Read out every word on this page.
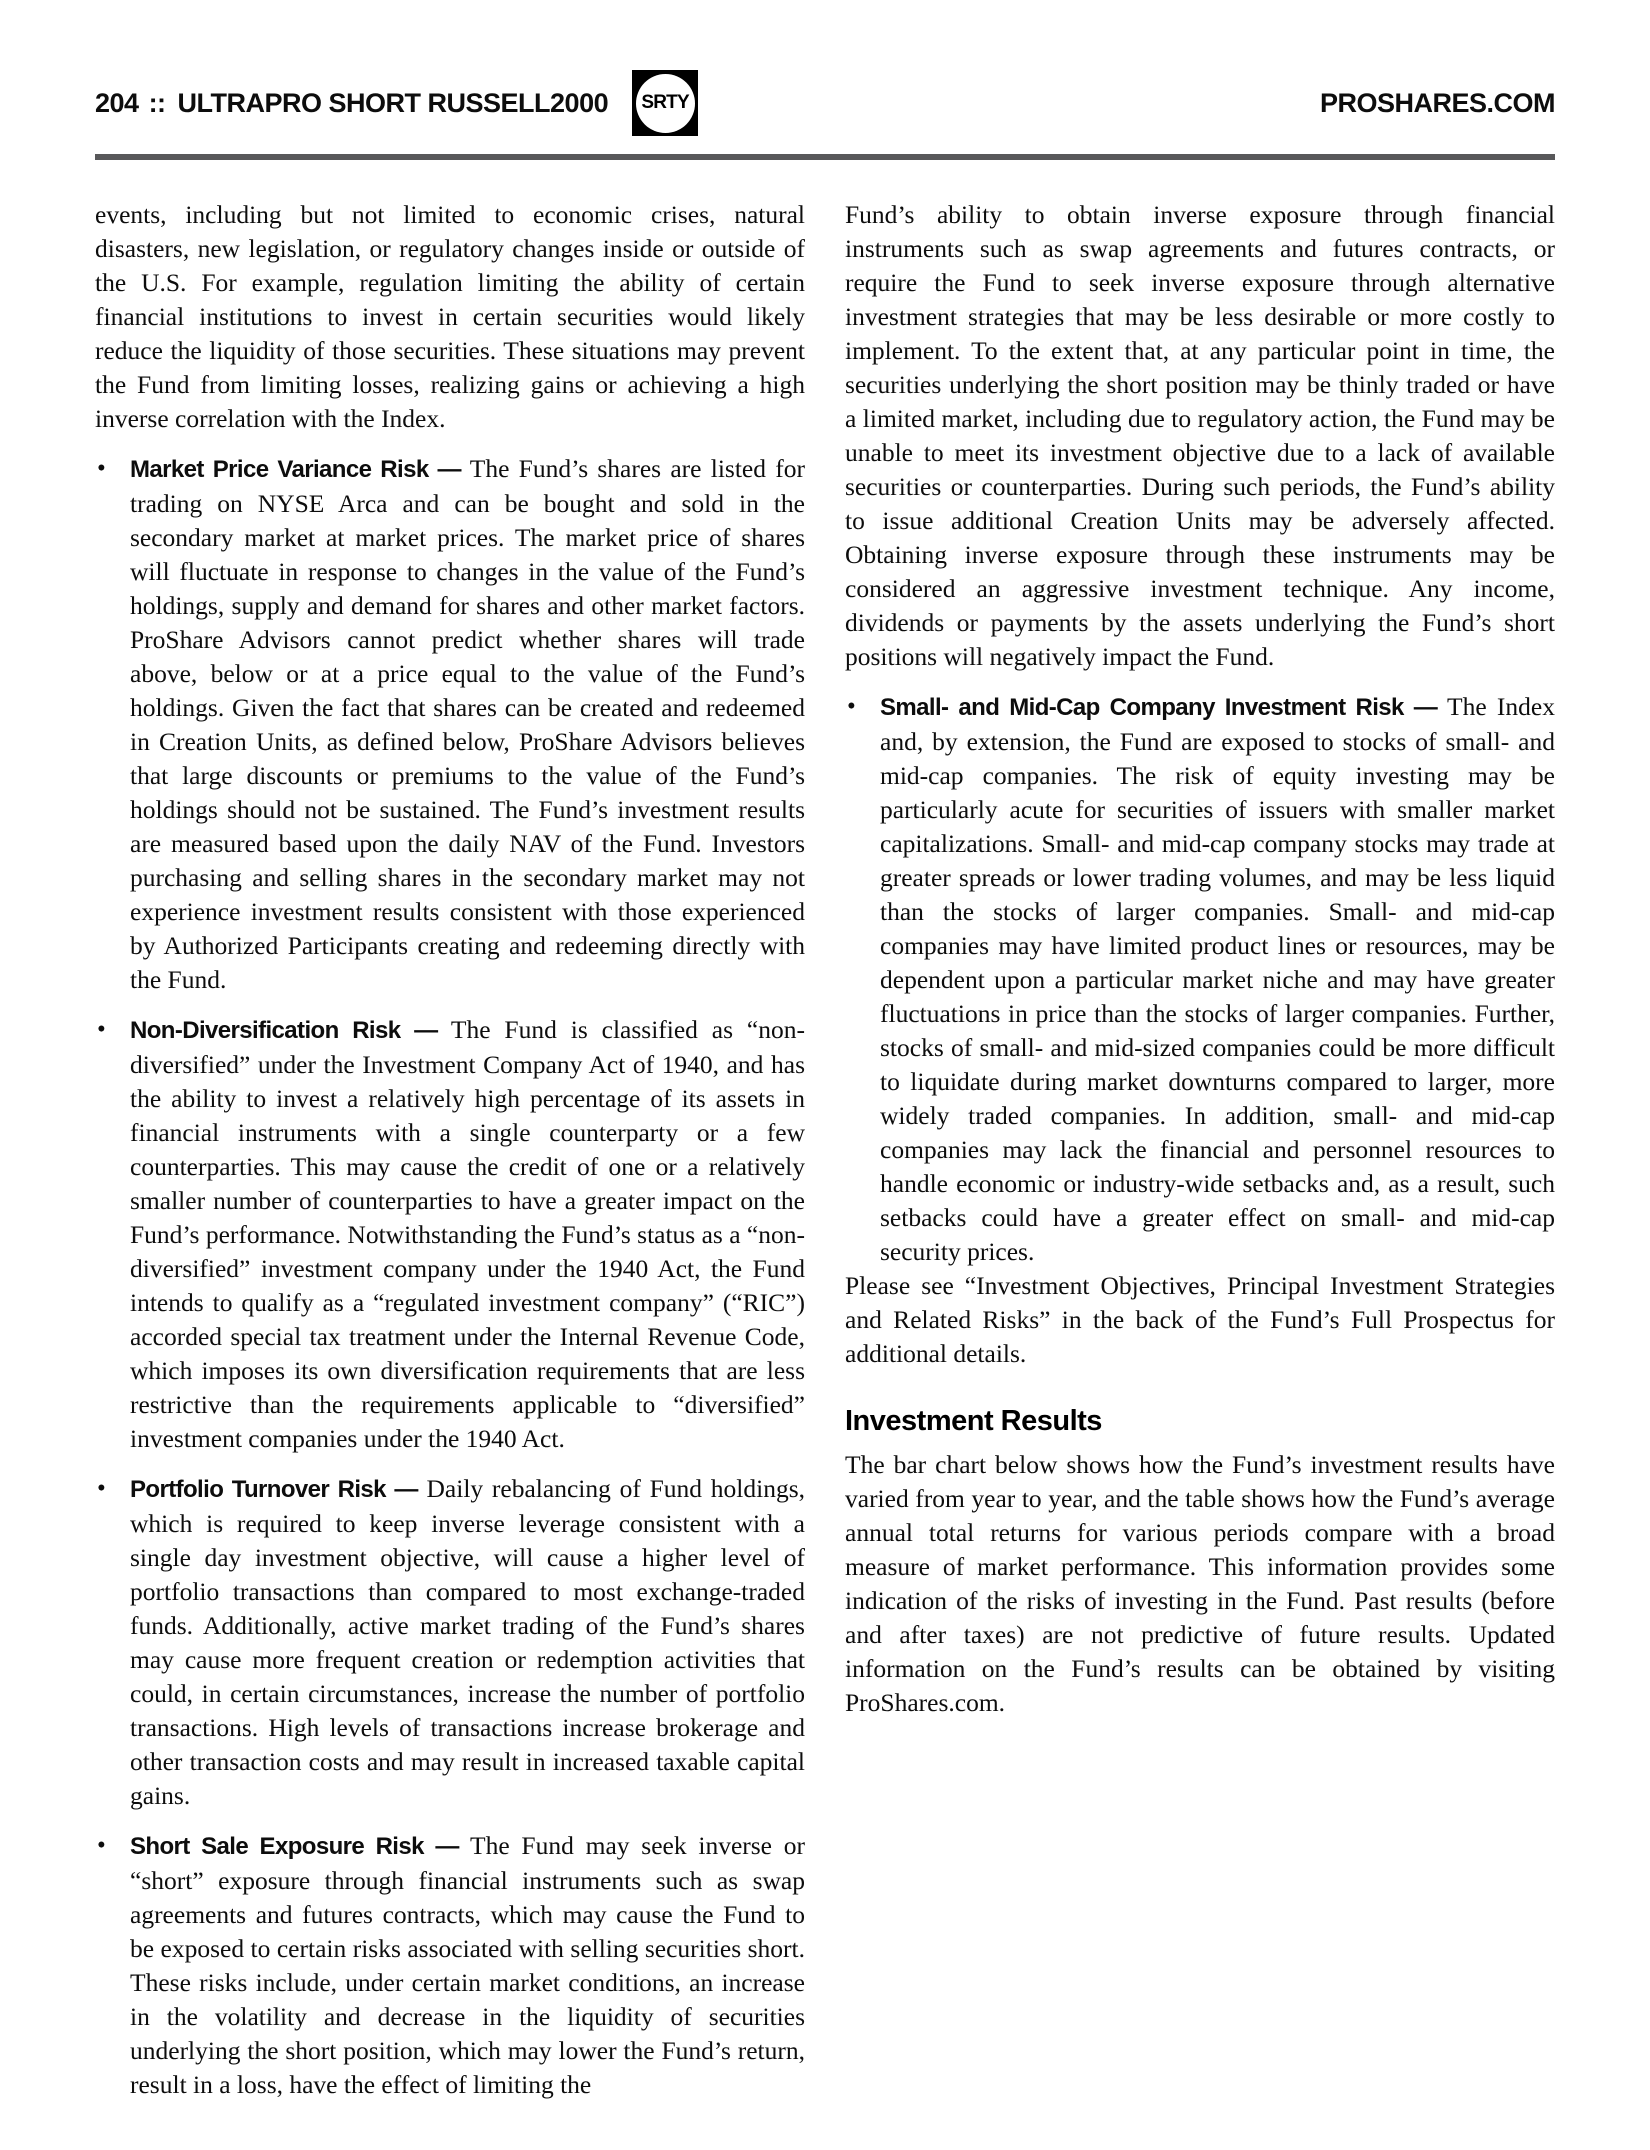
204 :: ULTRAPRO SHORT RUSSELL2000 SRTY	PROSHARES.COM

events, including but not limited to economic crises, natural disasters, new legislation, or regulatory changes inside or outside of the U.S. For example, regulation limiting the ability of certain financial institutions to invest in certain securities would likely reduce the liquidity of those securities. These situations may prevent the Fund from limiting losses, realizing gains or achieving a high inverse correlation with the Index.

•	Market Price Variance Risk — The Fund’s shares are listed for trading on NYSE Arca and can be bought and sold in the secondary market at market prices. The market price of shares will fluctuate in response to changes in the value of the Fund’s holdings, supply and demand for shares and other market factors. ProShare Advisors cannot predict whether shares will trade above, below or at a price equal to the value of the Fund’s holdings. Given the fact that shares can be created and redeemed in Creation Units, as defined below, ProShare Advisors believes that large discounts or premiums to the value of the Fund’s holdings should not be sustained. The Fund’s investment results are measured based upon the daily NAV of the Fund. Investors purchasing and selling shares in the secondary market may not experience investment results consistent with those experienced by Authorized Participants creating and redeeming directly with the Fund.

•	Non-Diversification Risk — The Fund is classified as “non-diversified” under the Investment Company Act of 1940, and has the ability to invest a relatively high percentage of its assets in financial instruments with a single counterparty or a few counterparties. This may cause the credit of one or a relatively smaller number of counterparties to have a greater impact on the Fund’s performance. Notwithstanding the Fund’s status as a “non-diversified” investment company under the 1940 Act, the Fund intends to qualify as a “regulated investment company” (“RIC”) accorded special tax treatment under the Internal Revenue Code, which imposes its own diversification requirements that are less restrictive than the requirements applicable to “diversified” investment companies under the 1940 Act.

•	Portfolio Turnover Risk — Daily rebalancing of Fund holdings, which is required to keep inverse leverage consistent with a single day investment objective, will cause a higher level of portfolio transactions than compared to most exchange-traded funds. Additionally, active market trading of the Fund’s shares may cause more frequent creation or redemption activities that could, in certain circumstances, increase the number of portfolio transactions. High levels of transactions increase brokerage and other transaction costs and may result in increased taxable capital gains.

•	Short Sale Exposure Risk — The Fund may seek inverse or “short” exposure through financial instruments such as swap agreements and futures contracts, which may cause the Fund to be exposed to certain risks associated with selling securities short. These risks include, under certain market conditions, an increase in the volatility and decrease in the liquidity of securities underlying the short position, which may lower the Fund’s return, result in a loss, have the effect of limiting the

Fund’s ability to obtain inverse exposure through financial instruments such as swap agreements and futures contracts, or require the Fund to seek inverse exposure through alternative investment strategies that may be less desirable or more costly to implement. To the extent that, at any particular point in time, the securities underlying the short position may be thinly traded or have a limited market, including due to regulatory action, the Fund may be unable to meet its investment objective due to a lack of available securities or counterparties. During such periods, the Fund’s ability to issue additional Creation Units may be adversely affected. Obtaining inverse exposure through these instruments may be considered an aggressive investment technique. Any income, dividends or payments by the assets underlying the Fund’s short positions will negatively impact the Fund.

•	Small- and Mid-Cap Company Investment Risk — The Index and, by extension, the Fund are exposed to stocks of small- and mid-cap companies. The risk of equity investing may be particularly acute for securities of issuers with smaller market capitalizations. Small- and mid-cap company stocks may trade at greater spreads or lower trading volumes, and may be less liquid than the stocks of larger companies. Small- and mid-cap companies may have limited product lines or resources, may be dependent upon a particular market niche and may have greater fluctuations in price than the stocks of larger companies. Further, stocks of small- and mid-sized companies could be more difficult to liquidate during market downturns compared to larger, more widely traded companies. In addition, small- and mid-cap companies may lack the financial and personnel resources to handle economic or industry-wide setbacks and, as a result, such setbacks could have a greater effect on small- and mid-cap security prices.

Please see “Investment Objectives, Principal Investment Strategies and Related Risks” in the back of the Fund’s Full Prospectus for additional details.

Investment Results

The bar chart below shows how the Fund’s investment results have varied from year to year, and the table shows how the Fund’s average annual total returns for various periods compare with a broad measure of market performance. This information provides some indication of the risks of investing in the Fund. Past results (before and after taxes) are not predictive of future results. Updated information on the Fund’s results can be obtained by visiting ProShares.com.
